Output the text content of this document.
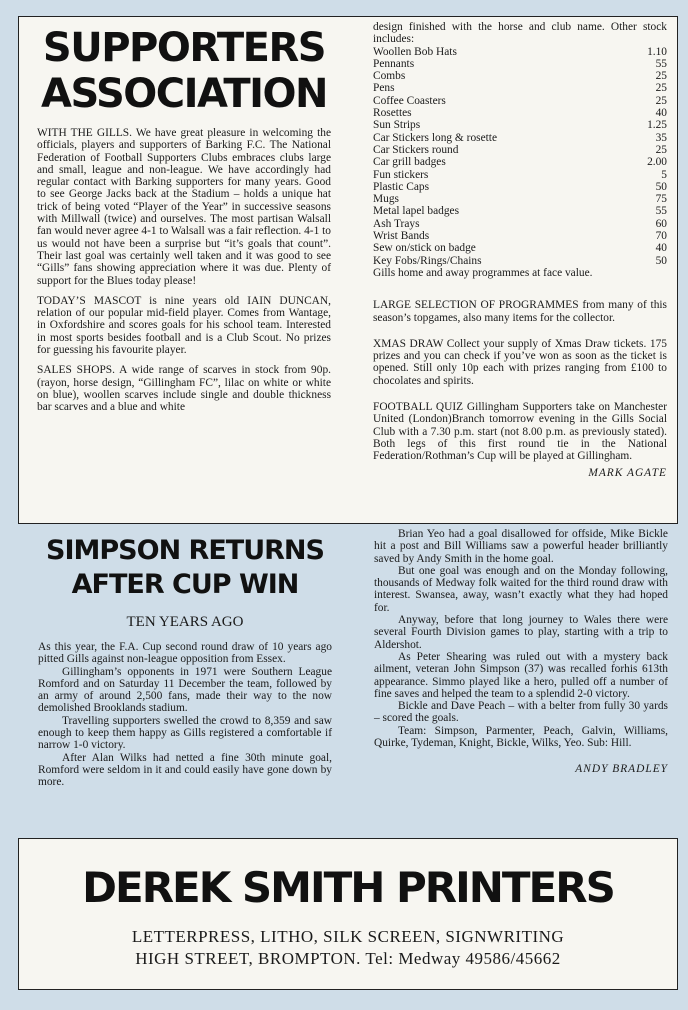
SUPPORTERS
ASSOCIATION

WITH THE GILLS. We have great pleasure in welcoming the officials, players and supporters of Barking F.C. The National Federation of Football Supporters Clubs embraces clubs large and small, league and non-league. We have accordingly had regular contact with Barking supporters for many years. Good to see George Jacks back at the Stadium – holds a unique hat trick of being voted “Player of the Year” in successive seasons with Millwall (twice) and ourselves. The most partisan Walsall fan would never agree 4-1 to Walsall was a fair reflection. 4-1 to us would not have been a surprise but “it’s goals that count”. Their last goal was certainly well taken and it was good to see “Gills” fans showing appreciation where it was due. Plenty of support for the Blues today please!

TODAY’S MASCOT is nine years old IAIN DUNCAN, relation of our popular mid-field player. Comes from Wantage, in Oxfordshire and scores goals for his school team. Interested in most sports besides football and is a Club Scout. No prizes for guessing his favourite player.

SALES SHOPS. A wide range of scarves in stock from 90p. (rayon, horse design, “Gillingham FC”, lilac on white or white on blue), woollen scarves include single and double thickness bar scarves and a blue and white

design finished with the horse and club name. Other stock includes:

Woollen Bob Hats	1.10
Pennants	55
Combs	25
Pens	25
Coffee Coasters	25
Rosettes	40
Sun Strips	1.25
Car Stickers long & rosette	35
Car Stickers round	25
Car grill badges	2.00
Fun stickers	5
Plastic Caps	50
Mugs	75
Metal lapel badges	55
Ash Trays	60
Wrist Bands	70
Sew on/stick on badge	40
Key Fobs/Rings/Chains	50

Gills home and away programmes at face value.

LARGE SELECTION OF PROGRAMMES from many of this season’s topgames, also many items for the collector.

XMAS DRAW Collect your supply of Xmas Draw tickets. 175 prizes and you can check if you’ve won as soon as the ticket is opened. Still only 10p each with prizes ranging from £100 to chocolates and spirits.

FOOTBALL QUIZ Gillingham Supporters take on Manchester United (London)Branch tomorrow evening in the Gills Social Club with a 7.30 p.m. start (not 8.00 p.m. as previously stated). Both legs of this first round tie in the National Federation/Rothman’s Cup will be played at Gillingham.

MARK AGATE

SIMPSON RETURNS
AFTER CUP WIN

TEN YEARS AGO

As this year, the F.A. Cup second round draw of 10 years ago pitted Gills against non-league opposition from Essex.

Gillingham’s opponents in 1971 were Southern League Romford and on Saturday 11 December the team, followed by an army of around 2,500 fans, made their way to the now demolished Brooklands stadium.

Travelling supporters swelled the crowd to 8,359 and saw enough to keep them happy as Gills registered a comfortable if narrow 1-0 victory.

After Alan Wilks had netted a fine 30th minute goal, Romford were seldom in it and could easily have gone down by more.

Brian Yeo had a goal disallowed for offside, Mike Bickle hit a post and Bill Williams saw a powerful header brilliantly saved by Andy Smith in the home goal.

But one goal was enough and on the Monday following, thousands of Medway folk waited for the third round draw with interest. Swansea, away, wasn’t exactly what they had hoped for.

Anyway, before that long journey to Wales there were several Fourth Division games to play, starting with a trip to Aldershot.

As Peter Shearing was ruled out with a mystery back ailment, veteran John Simpson (37) was recalled forhis 613th appearance. Simmo played like a hero, pulled off a number of fine saves and helped the team to a splendid 2-0 victory.

Bickle and Dave Peach – with a belter from fully 30 yards – scored the goals.

Team: Simpson, Parmenter, Peach, Galvin, Williams, Quirke, Tydeman, Knight, Bickle, Wilks, Yeo. Sub: Hill.

ANDY BRADLEY

DEREK SMITH PRINTERS

LETTERPRESS, LITHO, SILK SCREEN, SIGNWRITING

HIGH STREET, BROMPTON. Tel: Medway 49586/45662
